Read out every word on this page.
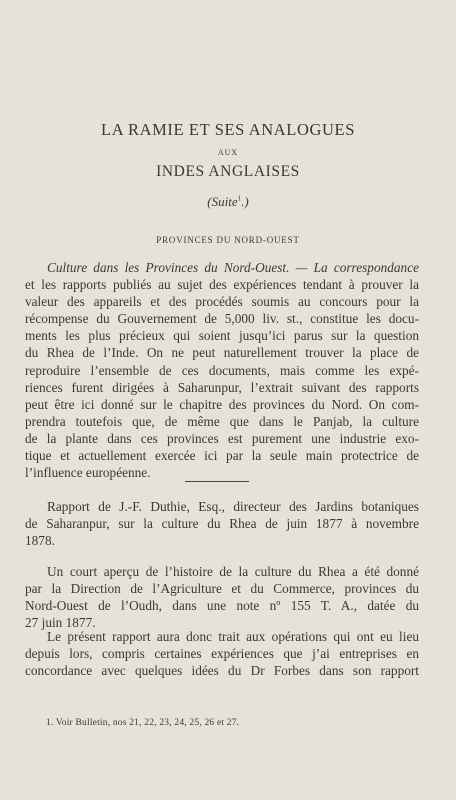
LA RAMIE ET SES ANALOGUES
AUX
INDES ANGLAISES
(Suite$^1$.)
PROVINCES DU NORD-OUEST
Culture dans les Provinces du Nord-Ouest. — La correspondance
et les rapports publiés au sujet des expériences tendant à prouver la
valeur des appareils et des procédés soumis au concours pour la
récompense du Gouvernement de 5,000 liv. st., constitue les docu-
ments les plus précieux qui soient jusqu’ici parus sur la question
du Rhea de l’Inde. On ne peut naturellement trouver la place de
reproduire l’ensemble de ces documents, mais comme les expé-
riences furent dirigées à Saharunpur, l’extrait suivant des rapports
peut être ici donné sur le chapitre des provinces du Nord. On com-
prendra toutefois que, de même que dans le Panjab, la culture
de la plante dans ces provinces est purement une industrie exo-
tique et actuellement exercée ici par la seule main protectrice de
l’influence européenne.
Rapport de J.-F. Duthie, Esq., directeur des Jardins botaniques
de Saharanpur, sur la culture du Rhea de juin 1877 à novembre
1878.
Un court aperçu de l’histoire de la culture du Rhea a été donné
par la Direction de l’Agriculture et du Commerce, provinces du
Nord-Ouest de l’Oudh, dans une note nº 155 T. A., datée du
27 juin 1877.
Le présent rapport aura donc trait aux opérations qui ont eu lieu
depuis lors, compris certaines expériences que j’ai entreprises en
concordance avec quelques idées du Dr Forbes dans son rapport
1. Voir Bulletin, nos 21, 22, 23, 24, 25, 26 et 27.
